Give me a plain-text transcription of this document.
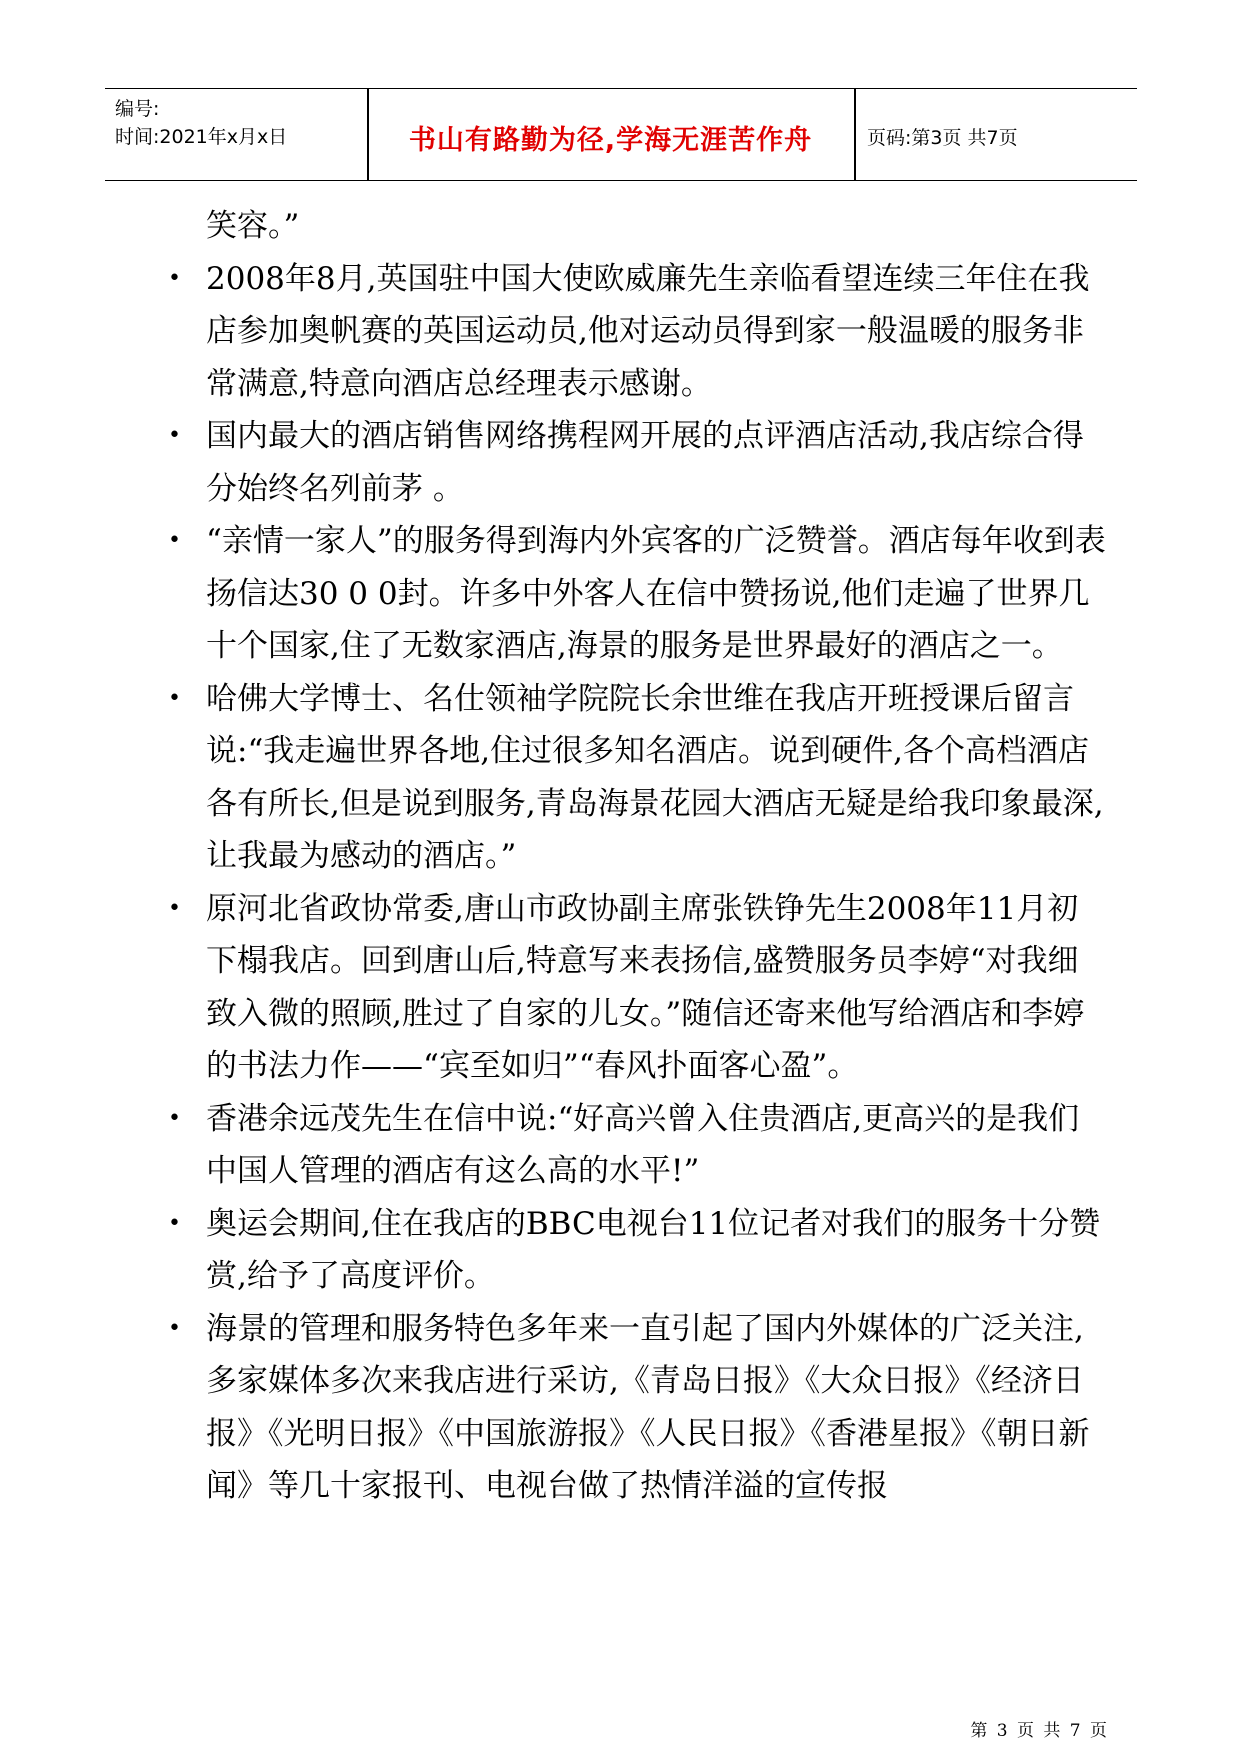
编号:
时间:2021年x月x日	书山有路勤为径,学海无涯苦作舟	页码:第3页 共7页
笑容。”
• 2008年8月,英国驻中国大使欧威廉先生亲临看望连续三年住在我店参加奥帆赛的英国运动员,他对运动员得到家一般温暖的服务非常满意,特意向酒店总经理表示感谢。
• 国内最大的酒店销售网络携程网开展的点评酒店活动,我店综合得分始终名列前茅 。
• “亲情一家人”的服务得到海内外宾客的广泛赞誉。酒店每年收到表扬信达30 0 0封。许多中外客人在信中赞扬说,他们走遍了世界几十个国家,住了无数家酒店,海景的服务是世界最好的酒店之一。
• 哈佛大学博士、名仕领袖学院院长余世维在我店开班授课后留言说:“我走遍世界各地,住过很多知名酒店。说到硬件,各个高档酒店各有所长,但是说到服务,青岛海景花园大酒店无疑是给我印象最深,让我最为感动的酒店。”
• 原河北省政协常委,唐山市政协副主席张铁铮先生2008年11月初下榻我店。回到唐山后,特意写来表扬信,盛赞服务员李婷“对我细致入微的照顾,胜过了自家的儿女。”随信还寄来他写给酒店和李婷的书法力作——“宾至如归”“春风扑面客心盈”。
• 香港余远茂先生在信中说:“好高兴曾入住贵酒店,更高兴的是我们中国人管理的酒店有这么高的水平!”
• 奥运会期间,住在我店的BBC电视台11位记者对我们的服务十分赞赏,给予了高度评价。
• 海景的管理和服务特色多年来一直引起了国内外媒体的广泛关注,多家媒体多次来我店进行采访,《青岛日报》《大众日报》《经济日报》《光明日报》《中国旅游报》《人民日报》《香港星报》《朝日新闻》等几十家报刊、电视台做了热情洋溢的宣传报
第 3 页 共 7 页
